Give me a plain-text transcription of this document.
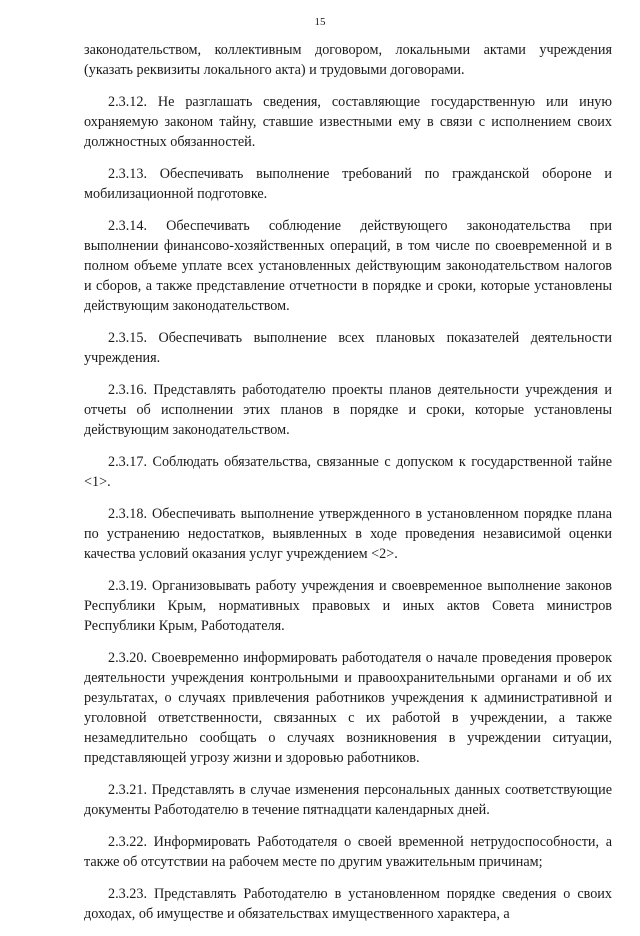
15

законодательством, коллективным договором, локальными актами учреждения (указать реквизиты локального акта) и трудовыми договорами.

2.3.12. Не разглашать сведения, составляющие государственную или иную охраняемую законом тайну, ставшие известными ему в связи с исполнением своих должностных обязанностей.

2.3.13. Обеспечивать выполнение требований по гражданской обороне и мобилизационной подготовке.

2.3.14. Обеспечивать соблюдение действующего законодательства при выполнении финансово-хозяйственных операций, в том числе по своевременной и в полном объеме уплате всех установленных действующим законодательством налогов и сборов, а также представление отчетности в порядке и сроки, которые установлены действующим законодательством.

2.3.15. Обеспечивать выполнение всех плановых показателей деятельности учреждения.

2.3.16. Представлять работодателю проекты планов деятельности учреждения и отчеты об исполнении этих планов в порядке и сроки, которые установлены действующим законодательством.

2.3.17. Соблюдать обязательства, связанные с допуском к государственной тайне <1>.

2.3.18. Обеспечивать выполнение утвержденного в установленном порядке плана по устранению недостатков, выявленных в ходе проведения независимой оценки качества условий оказания услуг учреждением <2>.

2.3.19. Организовывать работу учреждения и своевременное выполнение законов Республики Крым, нормативных правовых и иных актов Совета министров Республики Крым, Работодателя.

2.3.20. Своевременно информировать работодателя о начале проведения проверок деятельности учреждения контрольными и правоохранительными органами и об их результатах, о случаях привлечения работников учреждения к административной и уголовной ответственности, связанных с их работой в учреждении, а также незамедлительно сообщать о случаях возникновения в учреждении ситуации, представляющей угрозу жизни и здоровью работников.

2.3.21. Представлять в случае изменения персональных данных соответствующие документы Работодателю в течение пятнадцати календарных дней.

2.3.22. Информировать Работодателя о своей временной нетрудоспособности, а также об отсутствии на рабочем месте по другим уважительным причинам;

2.3.23. Представлять Работодателю в установленном порядке сведения о своих доходах, об имуществе и обязательствах имущественного характера, а
